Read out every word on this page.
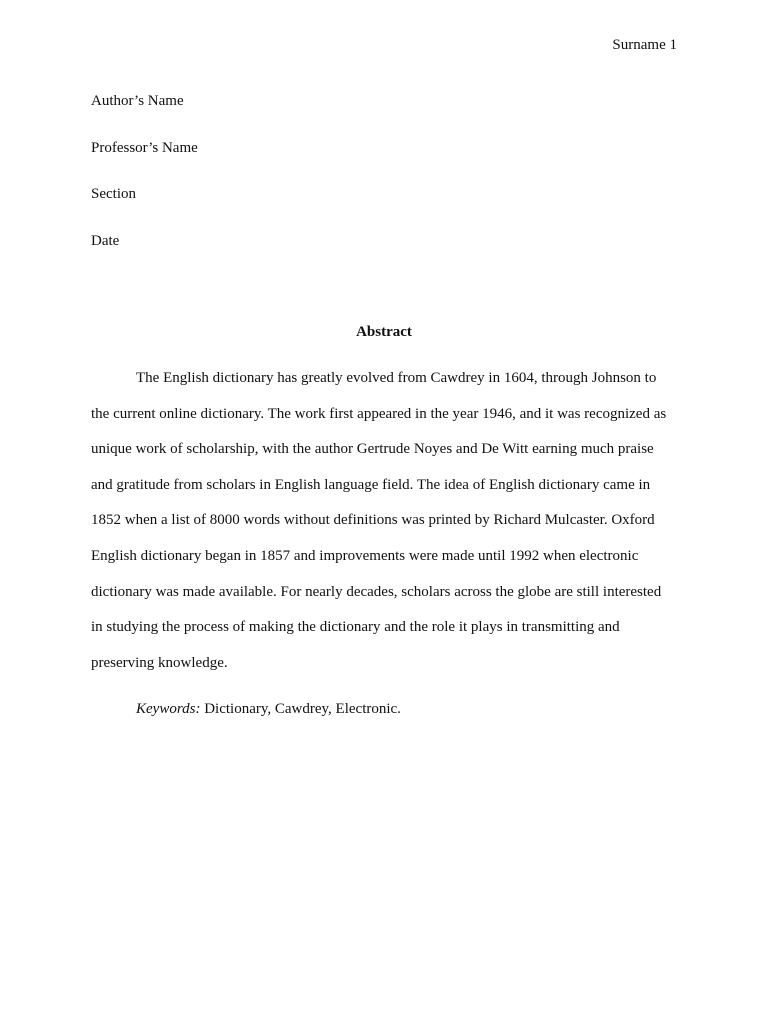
Surname 1
Author’s Name
Professor’s Name
Section
Date
Abstract
The English dictionary has greatly evolved from Cawdrey in 1604, through Johnson to
the current online dictionary. The work first appeared in the year 1946, and it was recognized as
unique work of scholarship, with the author Gertrude Noyes and De Witt earning much praise
and gratitude from scholars in English language field. The idea of English dictionary came in
1852 when a list of 8000 words without definitions was printed by Richard Mulcaster. Oxford
English dictionary began in 1857 and improvements were made until 1992 when electronic
dictionary was made available. For nearly decades, scholars across the globe are still interested
in studying the process of making the dictionary and the role it plays in transmitting and
preserving knowledge.
Keywords: Dictionary, Cawdrey, Electronic.
